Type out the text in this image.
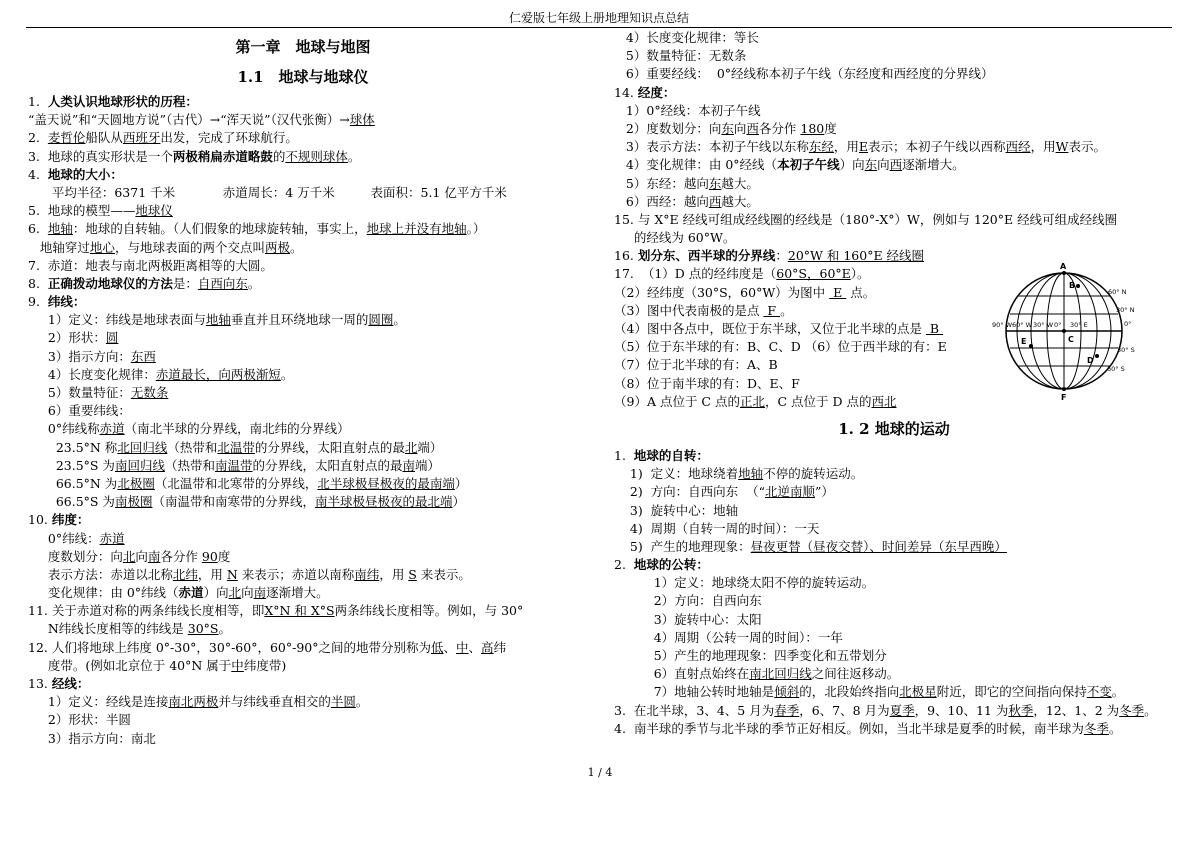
仁爱版七年级上册地理知识点总结
第一章　地球与地图
1.1　地球与地球仪
1.  人类认识地球形状的历程：
“盖天说”和“天圆地方说”（古代）→“浑天说”（汉代张衡）→球体
2.  麦哲伦船队从西班牙出发，完成了环球航行。
3.  地球的真实形状是一个两极稍扁赤道略鼓的不规则球体。
4.  地球的大小：
平均半径：6371 千米            赤道周长：4 万千米         表面积：5.1 亿平方千米
5.  地球的模型——地球仪
6.  地轴：地球的自转轴。（人们假象的地球旋转轴，事实上，地球上并没有地轴。）
地轴穿过地心，与地球表面的两个交点叫两极。
7.  赤道：地表与南北两极距离相等的大圆。
8.  正确拨动地球仪的方法是：自西向东。
9.  纬线：
1）定义：纬线是地球表面与地轴垂直并且环绕地球一周的圆圈。
2）形状：圆
3）指示方向：东西
4）长度变化规律：赤道最长，向两极渐短。
5）数量特征：无数条
6）重要纬线：
0°纬线称赤道（南北半球的分界线，南北纬的分界线）
23.5°N 称北回归线（热带和北温带的分界线，太阳直射点的最北端）
23.5°S 为南回归线（热带和南温带的分界线，太阳直射点的最南端）
66.5°N 为北极圈（北温带和北寒带的分界线，北半球极昼极夜的最南端）
66.5°S 为南极圈（南温带和南寒带的分界线，南半球极昼极夜的最北端）
10. 纬度：
0°纬线：赤道
度数划分：向北向南各分作 90度
表示方法：赤道以北称北纬，用 N 来表示；赤道以南称南纬，用 S 来表示。
变化规律：由 0°纬线（赤道）向北向南逐渐增大。
11. 关于赤道对称的两条纬线长度相等，即X°N 和 X°S两条纬线长度相等。例如，与 30°
N纬线长度相等的纬线是 30°S。
12. 人们将地球上纬度 0°-30°，30°-60°，60°-90°之间的地带分别称为低、中、高纬
度带。(例如北京位于 40°N 属于中纬度带)
13. 经线：
1）定义：经线是连接南北两极并与纬线垂直相交的半圆。
2）形状：半圆
3）指示方向：南北
4）长度变化规律：等长
5）数量特征：无数条
6）重要经线：  0°经线称本初子午线（东经度和西经度的分界线）
14. 经度：
1）0°经线：本初子午线
2）度数划分：向东向西各分作 180度
3）表示方法：本初子午线以东称东经，用E表示；本初子午线以西称西经，用W表示。
4）变化规律：由 0°经线（本初子午线）向东向西逐渐增大。
5）东经：越向东越大。
6）西经：越向西越大。
15. 与 X°E 经线可组成经线圈的经线是（180°-X°）W，例如与 120°E 经线可组成经线圈
的经线为 60°W。
16. 划分东、西半球的分界线：20°W 和 160°E 经线圈
17.  （1）D 点的经纬度是（60°S，60°E）。
（2）经纬度（30°S，60°W）为图中  E  点。
（3）图中代表南极的是点  F 。
（4）图中各点中，既位于东半球，又位于北半球的点是  B
（5）位于东半球的有：B、C、D （6）位于西半球的有：E
（7）位于北半球的有：A、B
（8）位于南半球的有：D、E、F
（9）A 点位于 C 点的正北，C 点位于 D 点的西北
1. 2 地球的运动
1.  地球的自转：
1)  定义：地球绕着地轴不停的旋转运动。
2)  方向：自西向东  （“北逆南顺”）
3)  旋转中心：地轴
4)  周期（自转一周的时间）：一天
5)  产生的地理现象：昼夜更替（昼夜交替）、时间差异（东早西晚）
2.  地球的公转：
1）定义：地球绕太阳不停的旋转运动。
2）方向：自西向东
3）旋转中心：太阳
4）周期（公转一周的时间）：一年
5）产生的地理现象：四季变化和五带划分
6）直射点始终在南北回归线之间往返移动。
7）地轴公转时地轴是倾斜的，北段始终指向北极星附近，即它的空间指向保持不变。
3.  在北半球，3、4、5 月为春季，6、7、8 月为夏季，9、10、11 为秋季，12、1、2 为冬季。
4.  南半球的季节与北半球的季节正好相反。例如，当北半球是夏季的时候，南半球为冬季。
A
B
C
D
E
F
60° N
30° N
0°
30° S
60° S
90° W 60° W 30° W 0° 30° E
1 / 4
